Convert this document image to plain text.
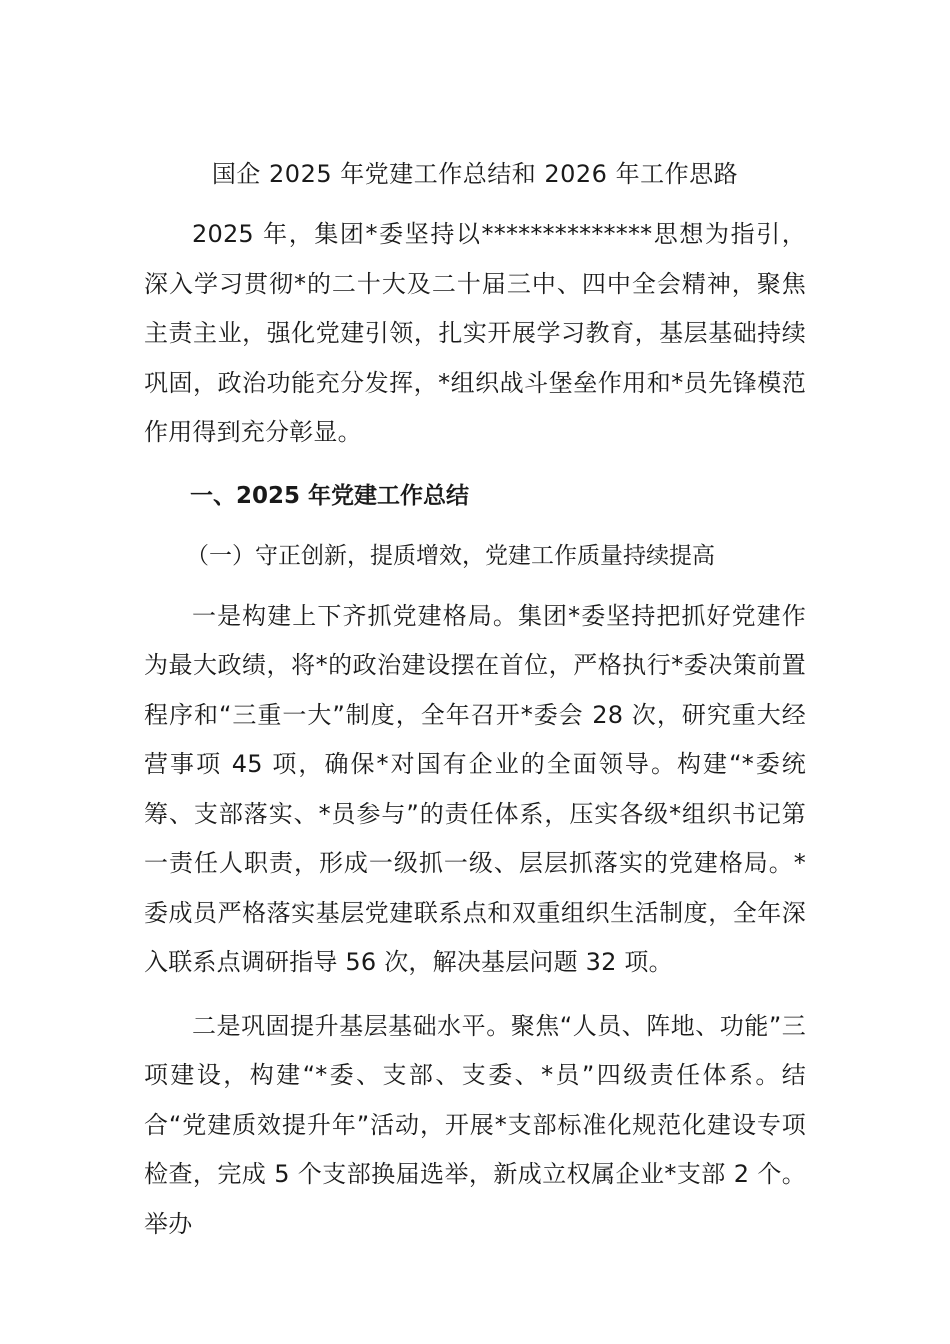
国企 2025 年党建工作总结和 2026 年工作思路

2025 年，集团*委坚持以**************思想为指引，深入学习贯彻*的二十大及二十届三中、四中全会精神，聚焦主责主业，强化党建引领，扎实开展学习教育，基层基础持续巩固，政治功能充分发挥，*组织战斗堡垒作用和*员先锋模范作用得到充分彰显。

一、2025 年党建工作总结

（一）守正创新，提质增效，党建工作质量持续提高

一是构建上下齐抓党建格局。集团*委坚持把抓好党建作为最大政绩，将*的政治建设摆在首位，严格执行*委决策前置程序和“三重一大”制度，全年召开*委会 28 次，研究重大经营事项 45 项，确保*对国有企业的全面领导。构建“*委统筹、支部落实、*员参与”的责任体系，压实各级*组织书记第一责任人职责，形成一级抓一级、层层抓落实的党建格局。*委成员严格落实基层党建联系点和双重组织生活制度，全年深入联系点调研指导 56 次，解决基层问题 32 项。

二是巩固提升基层基础水平。聚焦“人员、阵地、功能”三项建设，构建“*委、支部、支委、*员”四级责任体系。结合“党建质效提升年”活动，开展*支部标准化规范化建设专项检查，完成 5 个支部换届选举，新成立权属企业*支部 2 个。举办
